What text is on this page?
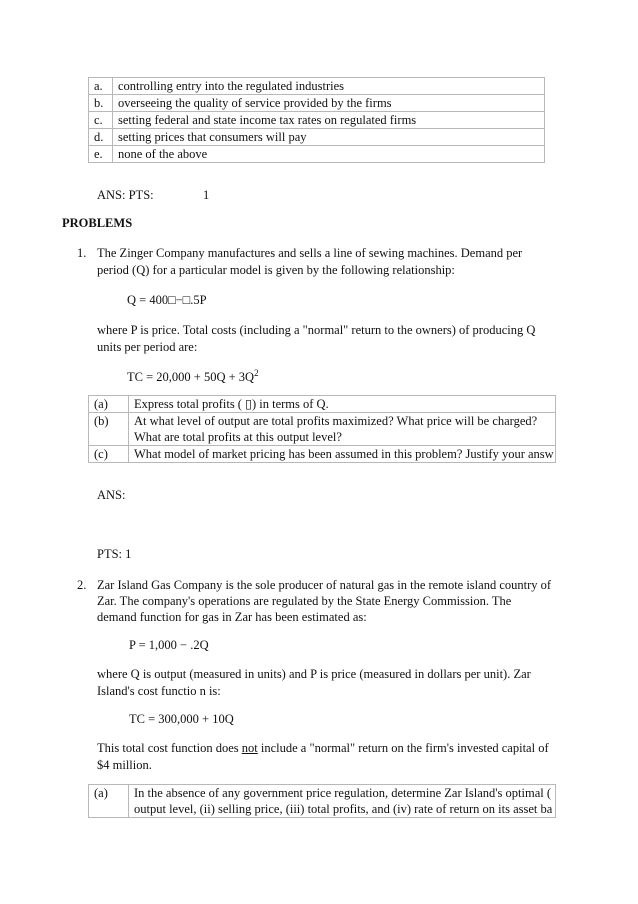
a.	controlling entry into the regulated industries
b.	overseeing the quality of service provided by the firms
c.	setting federal and state income tax rates on regulated firms
d.	setting prices that consumers will pay
e.	none of the above
ANS: PTS:	1
PROBLEMS
1. The Zinger Company manufactures and sells a line of sewing machines. Demand per
period (Q) for a particular model is given by the following relationship:
Q = 400□−□.5P
where P is price. Total costs (including a "normal" return to the owners) of producing Q
units per period are:
TC = $20,000 + 50Q + 3Q^2$
(a)	Express total profits ( ▯) in terms of Q.
(b)	At what level of output are total profits maximized? What price will be charged?
What are total profits at this output level?

(c)	What model of market pricing has been assumed in this problem? Justify your answ
ANS:
PTS: 1
2. Zar Island Gas Company is the sole producer of natural gas in the remote island country of
Zar. The company's operations are regulated by the State Energy Commission. The
demand function for gas in Zar has been estimated as:
P = 1,000 − .2Q
where Q is output (measured in units) and P is price (measured in dollars per unit). Zar
Island's cost functio n is:
TC = 300,000 + 10Q
This total cost function does not include a "normal" return on the firm's invested capital of
$4 million.
(a)	In the absence of any government price regulation, determine Zar Island's optimal (
output level, (ii) selling price, (iii) total profits, and (iv) rate of return on its asset ba
